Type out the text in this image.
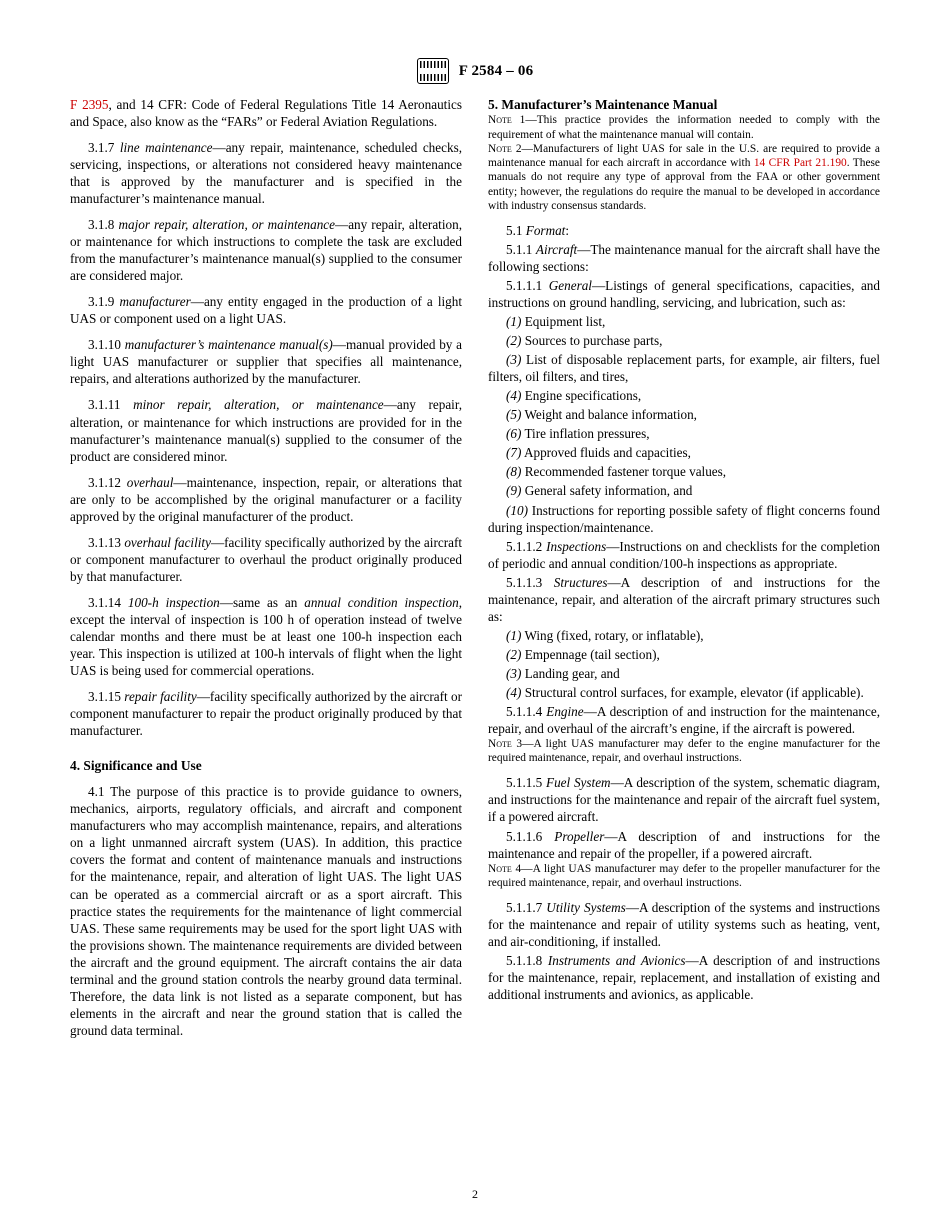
F 2584 – 06

F 2395, and 14 CFR: Code of Federal Regulations Title 14 Aeronautics and Space, also know as the “FARs” or Federal Aviation Regulations.

3.1.7 line maintenance—any repair, maintenance, scheduled checks, servicing, inspections, or alterations not considered heavy maintenance that is approved by the manufacturer and is specified in the manufacturer’s maintenance manual.

3.1.8 major repair, alteration, or maintenance—any repair, alteration, or maintenance for which instructions to complete the task are excluded from the manufacturer’s maintenance manual(s) supplied to the consumer are considered major.

3.1.9 manufacturer—any entity engaged in the production of a light UAS or component used on a light UAS.

3.1.10 manufacturer’s maintenance manual(s)—manual provided by a light UAS manufacturer or supplier that specifies all maintenance, repairs, and alterations authorized by the manufacturer.

3.1.11 minor repair, alteration, or maintenance—any repair, alteration, or maintenance for which instructions are provided for in the manufacturer’s maintenance manual(s) supplied to the consumer of the product are considered minor.

3.1.12 overhaul—maintenance, inspection, repair, or alterations that are only to be accomplished by the original manufacturer or a facility approved by the original manufacturer of the product.

3.1.13 overhaul facility—facility specifically authorized by the aircraft or component manufacturer to overhaul the product originally produced by that manufacturer.

3.1.14 100-h inspection—same as an annual condition inspection, except the interval of inspection is 100 h of operation instead of twelve calendar months and there must be at least one 100-h inspection each year. This inspection is utilized at 100-h intervals of flight when the light UAS is being used for commercial operations.

3.1.15 repair facility—facility specifically authorized by the aircraft or component manufacturer to repair the product originally produced by that manufacturer.

4. Significance and Use

4.1 The purpose of this practice is to provide guidance to owners, mechanics, airports, regulatory officials, and aircraft and component manufacturers who may accomplish maintenance, repairs, and alterations on a light unmanned aircraft system (UAS). In addition, this practice covers the format and content of maintenance manuals and instructions for the maintenance, repair, and alteration of light UAS. The light UAS can be operated as a commercial aircraft or as a sport aircraft. This practice states the requirements for the maintenance of light commercial UAS. These same requirements may be used for the sport light UAS with the provisions shown. The maintenance requirements are divided between the aircraft and the ground equipment. The aircraft contains the air data terminal and the ground station controls the nearby ground data terminal. Therefore, the data link is not listed as a separate component, but has elements in the aircraft and near the ground station that is called the ground data terminal.

5. Manufacturer’s Maintenance Manual

Note 1—This practice provides the information needed to comply with the requirement of what the maintenance manual will contain.

Note 2—Manufacturers of light UAS for sale in the U.S. are required to provide a maintenance manual for each aircraft in accordance with 14 CFR Part 21.190. These manuals do not require any type of approval from the FAA or other government entity; however, the regulations do require the manual to be developed in accordance with industry consensus standards.

5.1 Format:

5.1.1 Aircraft—The maintenance manual for the aircraft shall have the following sections:

5.1.1.1 General—Listings of general specifications, capacities, and instructions on ground handling, servicing, and lubrication, such as:

(1) Equipment list,

(2) Sources to purchase parts,

(3) List of disposable replacement parts, for example, air filters, fuel filters, oil filters, and tires,

(4) Engine specifications,

(5) Weight and balance information,

(6) Tire inflation pressures,

(7) Approved fluids and capacities,

(8) Recommended fastener torque values,

(9) General safety information, and

(10) Instructions for reporting possible safety of flight concerns found during inspection/maintenance.

5.1.1.2 Inspections—Instructions on and checklists for the completion of periodic and annual condition/100-h inspections as appropriate.

5.1.1.3 Structures—A description of and instructions for the maintenance, repair, and alteration of the aircraft primary structures such as:

(1) Wing (fixed, rotary, or inflatable),

(2) Empennage (tail section),

(3) Landing gear, and

(4) Structural control surfaces, for example, elevator (if applicable).

5.1.1.4 Engine—A description of and instruction for the maintenance, repair, and overhaul of the aircraft’s engine, if the aircraft is powered.

Note 3—A light UAS manufacturer may defer to the engine manufacturer for the required maintenance, repair, and overhaul instructions.

5.1.1.5 Fuel System—A description of the system, schematic diagram, and instructions for the maintenance and repair of the aircraft fuel system, if a powered aircraft.

5.1.1.6 Propeller—A description of and instructions for the maintenance and repair of the propeller, if a powered aircraft.

Note 4—A light UAS manufacturer may defer to the propeller manufacturer for the required maintenance, repair, and overhaul instructions.

5.1.1.7 Utility Systems—A description of the systems and instructions for the maintenance and repair of utility systems such as heating, vent, and air-conditioning, if installed.

5.1.1.8 Instruments and Avionics—A description of and instructions for the maintenance, repair, replacement, and installation of existing and additional instruments and avionics, as applicable.

2
